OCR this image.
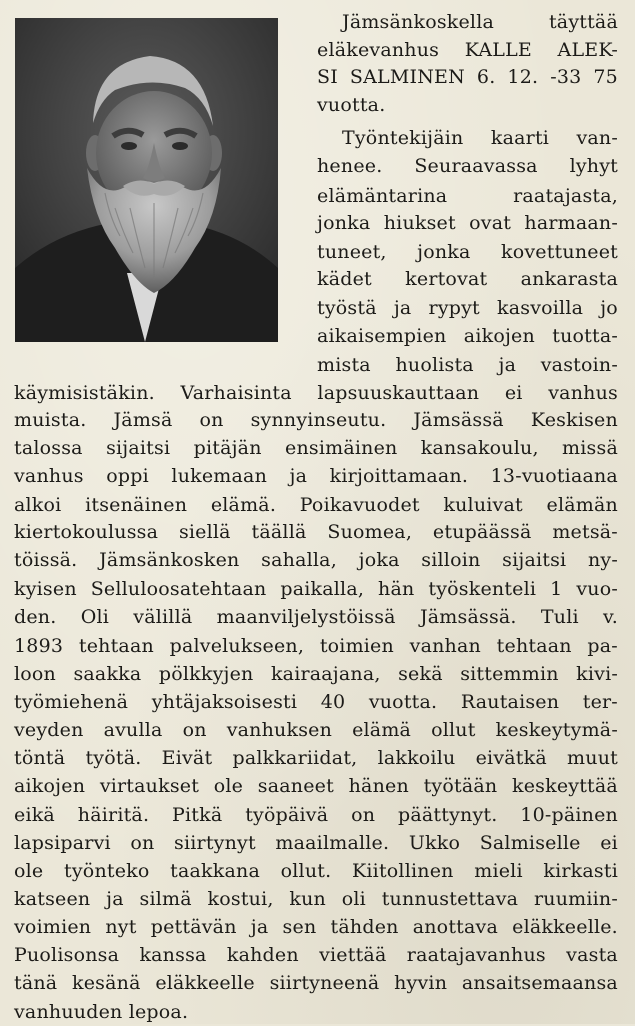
Jämsänkoskella	täyttää
eläkevanhus KALLE ALEK-
SI SALMINEN 6. 12. -33 75
vuotta.
Työntekijäin kaarti van-
henee. Seuraavassa lyhyt
elämäntarina	raatajasta,
jonka hiukset ovat harmaan-
tuneet, jonka kovettuneet
kädet kertovat ankarasta
työstä ja rypyt kasvoilla jo
aikaisempien aikojen tuotta-
mista huolista ja vastoin-
käymisistäkin. Varhaisinta lapsuuskauttaan ei vanhus
muista. Jämsä on synnyinseutu. Jämsässä Keskisen
talossa sijaitsi pitäjän ensimäinen kansakoulu, missä
vanhus oppi lukemaan ja kirjoittamaan. 13-vuotiaana
alkoi itsenäinen elämä. Poikavuodet kuluivat elämän
kiertokoulussa siellä täällä Suomea, etupäässä metsä-
töissä. Jämsänkosken sahalla, joka silloin sijaitsi ny-
kyisen Selluloosatehtaan paikalla, hän työskenteli 1 vuo-
den. Oli välillä maanviljelystöissä Jämsässä. Tuli v.
1893 tehtaan palvelukseen, toimien vanhan tehtaan pa-
loon saakka pölkkyjen kairaajana, sekä sittemmin kivi-
työmiehenä yhtäjaksoisesti 40 vuotta. Rautaisen ter-
veyden avulla on vanhuksen elämä ollut keskeytymä-
töntä työtä. Eivät palkkariidat, lakkoilu eivätkä muut
aikojen virtaukset ole saaneet hänen työtään keskeyttää
eikä häiritä. Pitkä työpäivä on päättynyt. 10-päinen
lapsiparvi on siirtynyt maailmalle. Ukko Salmiselle ei
ole työnteko taakkana ollut. Kiitollinen mieli kirkasti
katseen ja silmä kostui, kun oli tunnustettava ruumiin-
voimien nyt pettävän ja sen tähden anottava eläkkeelle.
Puolisonsa kanssa kahden viettää raatajavanhus vasta
tänä kesänä eläkkeelle siirtyneenä hyvin ansaitsemaansa
vanhuuden lepoa.
